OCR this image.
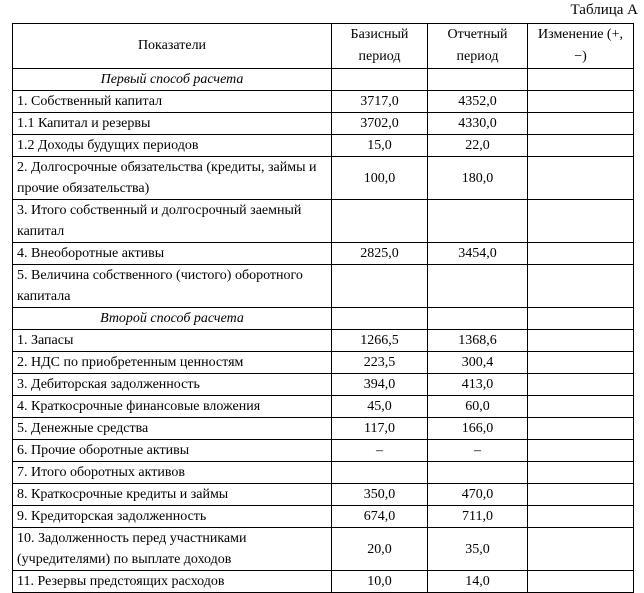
Таблица А
Показатели	Базисный период	Отчетный период	Изменение (+, −)
Первый способ расчета			
1. Собственный капитал	3717,0	4352,0	
1.1 Капитал и резервы	3702,0	4330,0	
1.2 Доходы будущих периодов	15,0	22,0	
2. Долгосрочные обязательства (кредиты, займы и прочие обязательства)	100,0	180,0	
3. Итого собственный и долгосрочный заемный капитал			
4. Внеоборотные активы	2825,0	3454,0	
5. Величина собственного (чистого) оборотного капитала			
Второй способ расчета			
1. Запасы	1266,5	1368,6	
2. НДС по приобретенным ценностям	223,5	300,4	
3. Дебиторская задолженность	394,0	413,0	
4. Краткосрочные финансовые вложения	45,0	60,0	
5. Денежные средства	117,0	166,0	
6. Прочие оборотные активы	–	–	
7. Итого оборотных активов			
8. Краткосрочные кредиты и займы	350,0	470,0	
9. Кредиторская задолженность	674,0	711,0	
10. Задолженность перед участниками (учредителями) по выплате доходов	20,0	35,0	
11. Резервы предстоящих расходов	10,0	14,0	
